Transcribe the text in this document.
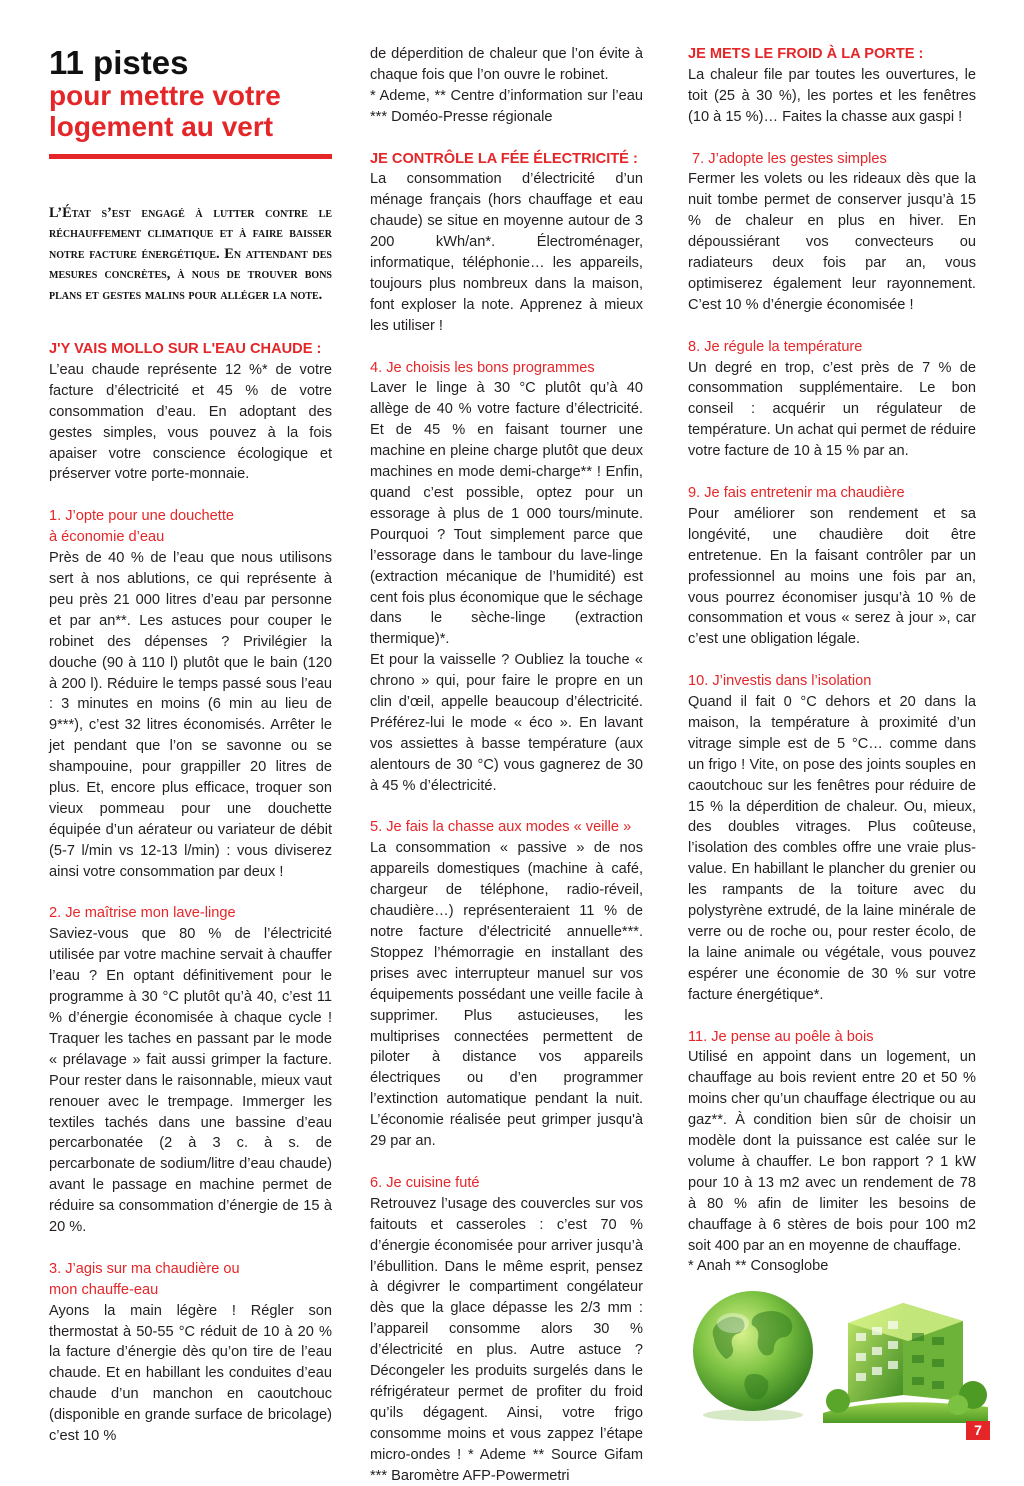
11 pistes
pour mettre votre
logement au vert

L’État s’est engagé à lutter contre le réchauffement climatique et à faire baisser notre facture énergétique. En attendant des mesures concrètes, à nous de trouver bons plans et gestes malins pour alléger la note.

J'Y VAIS MOLLO SUR L'EAU CHAUDE :

L’eau chaude représente 12 %* de votre facture d’électricité et 45 % de votre consommation d’eau. En adoptant des gestes simples, vous pouvez à la fois apaiser votre conscience écologique et préserver votre porte-monnaie.

1. J’opte pour une douchette

à économie d’eau

Près de 40 % de l’eau que nous utilisons sert à nos ablutions, ce qui représente à peu près 21 000 litres d’eau par personne et par an**. Les astuces pour couper le robinet des dépenses ? Privilégier la douche (90 à 110 l) plutôt que le bain (120 à 200 l). Réduire le temps passé sous l’eau : 3 minutes en moins (6 min au lieu de 9***), c’est 32 litres économisés. Arrêter le jet pendant que l’on se savonne ou se shampouine, pour grappiller 20 litres de plus. Et, encore plus efficace, troquer son vieux pommeau pour une douchette équipée d’un aérateur ou variateur de débit (5-7 l/min vs 12-13 l/min) : vous diviserez ainsi votre consommation par deux !

2. Je maîtrise mon lave-linge

Saviez-vous que 80 % de l’électricité utilisée par votre machine servait à chauffer l’eau ? En optant définitivement pour le programme à 30 °C plutôt qu’à 40, c’est 11 % d’énergie économisée à chaque cycle ! Traquer les taches en passant par le mode « prélavage » fait aussi grimper la facture. Pour rester dans le raisonnable, mieux vaut renouer avec le trempage. Immerger les textiles tachés dans une bassine d’eau percarbonatée (2 à 3 c. à s. de percarbonate de sodium/litre d’eau chaude) avant le passage en machine permet de réduire sa consommation d’énergie de 15 à 20 %.

3. J’agis sur ma chaudière ou

mon chauffe-eau

Ayons la main légère ! Régler son thermostat à 50-55 °C réduit de 10 à 20 % la facture d’énergie dès qu’on tire de l’eau chaude. Et en habillant les conduites d’eau chaude d’un manchon en caoutchouc (disponible en grande surface de bricolage) c’est 10 %

de déperdition de chaleur que l’on évite à chaque fois que l’on ouvre le robinet.

* Ademe, ** Centre d’information sur l’eau *** Doméo-Presse régionale

JE CONTRÔLE LA FÉE ÉLECTRICITÉ :

La consommation d’électricité d’un ménage français (hors chauffage et eau chaude) se situe en moyenne autour de 3 200 kWh/an*. Électroménager, informatique, téléphonie… les appareils, toujours plus nombreux dans la maison, font exploser la note. Apprenez à mieux les utiliser !

4. Je choisis les bons programmes

Laver le linge à 30 °C plutôt qu’à 40 allège de 40 % votre facture d’électricité. Et de 45 % en faisant tourner une machine en pleine charge plutôt que deux machines en mode demi-charge** ! Enfin, quand c’est possible, optez pour un essorage à plus de 1 000 tours/minute. Pourquoi ? Tout simplement parce que l’essorage dans le tambour du lave-linge (extraction mécanique de l’humidité) est cent fois plus économique que le séchage dans le sèche-linge (extraction thermique)*.

Et pour la vaisselle ? Oubliez la touche « chrono » qui, pour faire le propre en un clin d’œil, appelle beaucoup d’électricité. Préférez-lui le mode « éco ». En lavant vos assiettes à basse température (aux alentours de 30 °C) vous gagnerez de 30 à 45 % d’électricité.

5. Je fais la chasse aux modes « veille »

La consommation « passive » de nos appareils domestiques (machine à café, chargeur de téléphone, radio-réveil, chaudière…) représenteraient 11 % de notre facture d'électricité annuelle***. Stoppez l’hémorragie en installant des prises avec interrupteur manuel sur vos équipements possédant une veille facile à supprimer. Plus astucieuses, les multiprises connectées permettent de piloter à distance vos appareils électriques ou d’en programmer l’extinction automatique pendant la nuit. L’économie réalisée peut grimper jusqu'à 29 par an.

6. Je cuisine futé

Retrouvez l’usage des couvercles sur vos faitouts et casseroles : c’est 70 % d’énergie économisée pour arriver jusqu’à l’ébullition. Dans le même esprit, pensez à dégivrer le compartiment congélateur dès que la glace dépasse les 2/3 mm : l’appareil consomme alors 30 % d’électricité en plus. Autre astuce ? Décongeler les produits surgelés dans le réfrigérateur permet de profiter du froid qu’ils dégagent. Ainsi, votre frigo consomme moins et vous zappez l’étape micro-ondes ! * Ademe ** Source Gifam *** Baromètre AFP-Powermetri

JE METS LE FROID À LA PORTE :

La chaleur file par toutes les ouvertures, le toit (25 à 30 %), les portes et les fenêtres (10 à 15 %)… Faites la chasse aux gaspi !

7. J’adopte les gestes simples

Fermer les volets ou les rideaux dès que la nuit tombe permet de conserver jusqu’à 15 % de chaleur en plus en hiver. En dépoussiérant vos convecteurs ou radiateurs deux fois par an, vous optimiserez également leur rayonnement. C’est 10 % d’énergie économisée !

8. Je régule la température

Un degré en trop, c’est près de 7 % de consommation supplémentaire. Le bon conseil : acquérir un régulateur de température. Un achat qui permet de réduire votre facture de 10 à 15 % par an.

9. Je fais entretenir ma chaudière

Pour améliorer son rendement et sa longévité, une chaudière doit être entretenue. En la faisant contrôler par un professionnel au moins une fois par an, vous pourrez économiser jusqu’à 10 % de consommation et vous « serez à jour », car c’est une obligation légale.

10. J’investis dans l’isolation

Quand il fait 0 °C dehors et 20 dans la maison, la température à proximité d’un vitrage simple est de 5 °C… comme dans un frigo ! Vite, on pose des joints souples en caoutchouc sur les fenêtres pour réduire de 15 % la déperdition de chaleur. Ou, mieux, des doubles vitrages. Plus coûteuse, l’isolation des combles offre une vraie plus-value. En habillant le plancher du grenier ou les rampants de la toiture avec du polystyrène extrudé, de la laine minérale de verre ou de roche ou, pour rester écolo, de la laine animale ou végétale, vous pouvez espérer une économie de 30 % sur votre facture énergétique*.

11. Je pense au poêle à bois

Utilisé en appoint dans un logement, un chauffage au bois revient entre 20 et 50 % moins cher qu’un chauffage électrique ou au gaz**. À condition bien sûr de choisir un modèle dont la puissance est calée sur le volume à chauffer. Le bon rapport ? 1 kW pour 10 à 13 m2 avec un rendement de 78 à 80 % afin de limiter les besoins de chauffage à 6 stères de bois pour 100 m2 soit 400 par an en moyenne de chauffage.

* Anah ** Consoglobe

7
